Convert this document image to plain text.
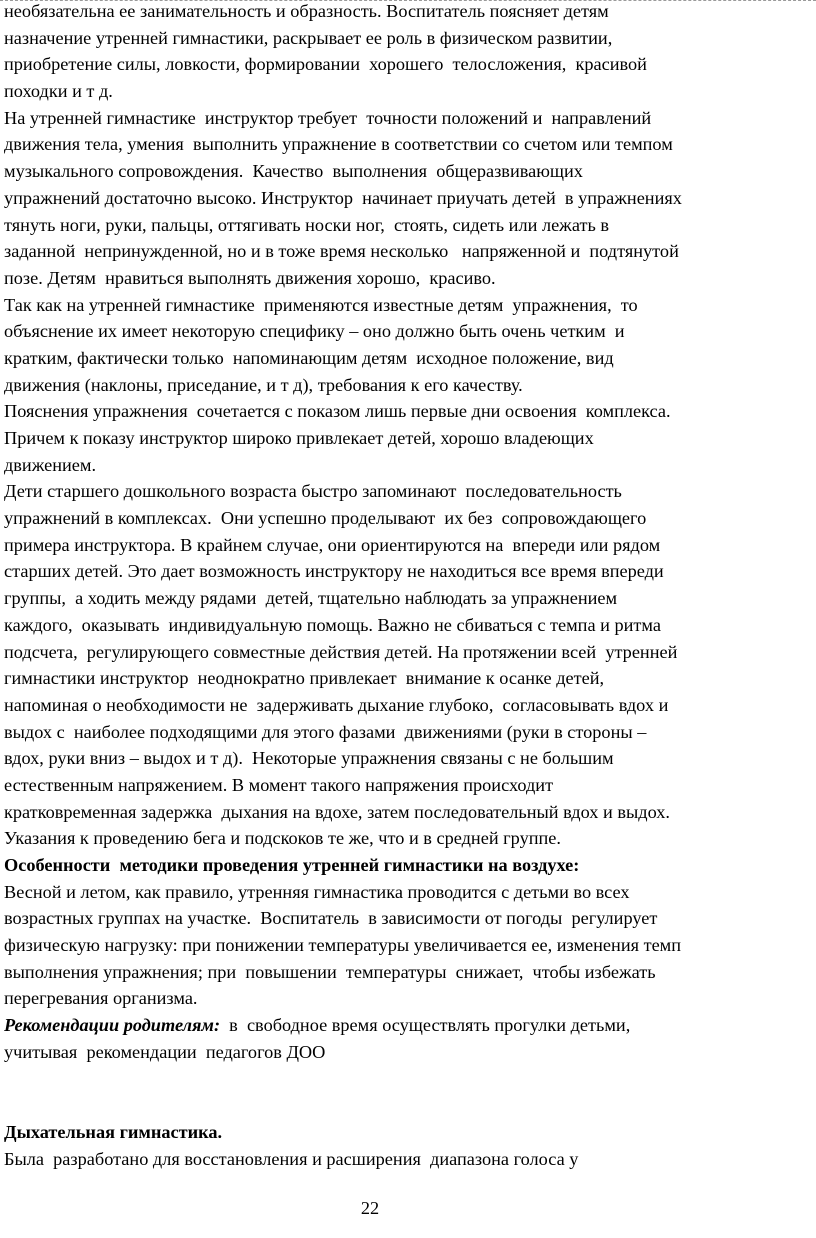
необязательна ее занимательность и образность. Воспитатель поясняет детям
назначение утренней гимнастики, раскрывает ее роль в физическом развитии,
приобретение силы, ловкости, формировании  хорошего  телосложения,  красивой
походки и т д.
На утренней гимнастике  инструктор требует  точности положений и  направлений
движения тела, умения  выполнить упражнение в соответствии со счетом или темпом
музыкального сопровождения.  Качество  выполнения  общеразвивающих
упражнений достаточно высоко. Инструктор  начинает приучать детей  в упражнениях
тянуть ноги, руки, пальцы, оттягивать носки ног,  стоять, сидеть или лежать в
заданной  непринужденной, но и в тоже время несколько   напряженной и  подтянутой
позе. Детям  нравиться выполнять движения хорошо,  красиво.
Так как на утренней гимнастике  применяются известные детям  упражнения,  то
объяснение их имеет некоторую специфику – оно должно быть очень четким  и
кратким, фактически только  напоминающим детям  исходное положение, вид
движения (наклоны, приседание, и т д), требования к его качеству.
Пояснения упражнения  сочетается с показом лишь первые дни освоения  комплекса.
Причем к показу инструктор широко привлекает детей, хорошо владеющих
движением.
Дети старшего дошкольного возраста быстро запоминают  последовательность
упражнений в комплексах.  Они успешно проделывают  их без  сопровождающего
примера инструктора. В крайнем случае, они ориентируются на  впереди или рядом
старших детей. Это дает возможность инструктору не находиться все время впереди
группы,  а ходить между рядами  детей, тщательно наблюдать за упражнением
каждого,  оказывать  индивидуальную помощь. Важно не сбиваться с темпа и ритма
подсчета,  регулирующего совместные действия детей. На протяжении всей  утренней
гимнастики инструктор  неоднократно привлекает  внимание к осанке детей,
напоминая о необходимости не  задерживать дыхание глубоко,  согласовывать вдох и
выдох с  наиболее подходящими для этого фазами  движениями (руки в стороны –
вдох, руки вниз – выдох и т д).  Некоторые упражнения связаны с не большим
естественным напряжением. В момент такого напряжения происходит
кратковременная задержка  дыхания на вдохе, затем последовательный вдох и выдох.
Указания к проведению бега и подскоков те же, что и в средней группе.
Особенности  методики проведения утренней гимнастики на воздухе:
Весной и летом, как правило, утренняя гимнастика проводится с детьми во всех
возрастных группах на участке.  Воспитатель  в зависимости от погоды  регулирует
физическую нагрузку: при понижении температуры увеличивается ее, изменения темп
выполнения упражнения; при  повышении  температуры  снижает,  чтобы избежать
перегревания организма.
Рекомендации родителям:  в  свободное время осуществлять прогулки детьми,
учитывая  рекомендации  педагогов ДОО
Дыхательная гимнастика.
Была  разработано для восстановления и расширения  диапазона голоса у
22
